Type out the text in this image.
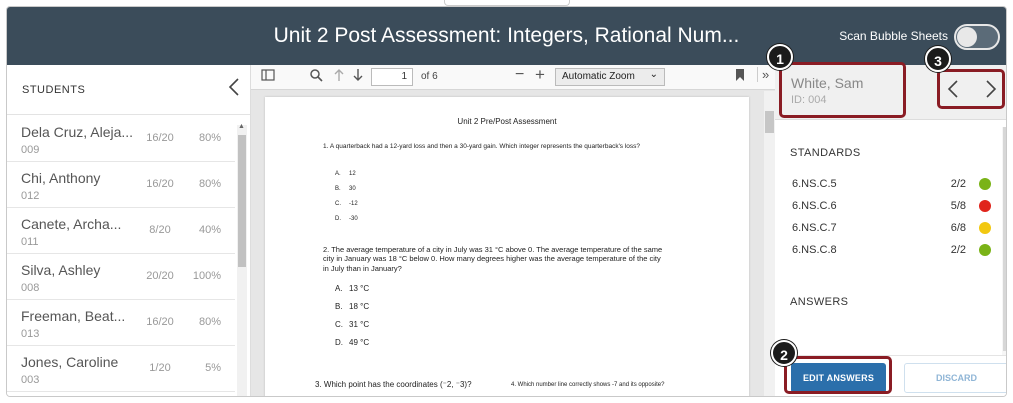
Unit 2 Post Assessment: Integers, Rational Num...	Scan Bubble Sheets
STUDENTS
Dela Cruz, Aleja...
009
16/20	80%
Chi, Anthony
012
16/20	80%
Canete, Archa...
011
8/20	40%
Silva, Ashley
008
20/20	100%
Freeman, Beat...
013
16/20	80%
Jones, Caroline
003
1/20	5%
▲
1	of 6	− +	Automatic Zoom ⌄	»
Unit 2 Pre/Post Assessment
1. A quarterback had a 12-yard loss and then a 30-yard gain. Which integer represents the quarterback's loss?
A. 12
B. 30
C. -12
D. -30
2. The average temperature of a city in July was 31 °C above 0. The average temperature of the same city in January was 18 °C below 0. How many degrees higher was the average temperature of the city in July than in January?
A. 13 °C
B. 18 °C
C. 31 °C
D. 49 °C
3. Which point has the coordinates (⁻2, ⁻3)?	4. Which number line correctly shows -7 and its opposite?
White, Sam
ID: 004
STANDARDS
6.NS.C.5	2/2
6.NS.C.6	5/8
6.NS.C.7	6/8
6.NS.C.8	2/2
ANSWERS
EDIT ANSWERS	DISCARD
1
2
3
